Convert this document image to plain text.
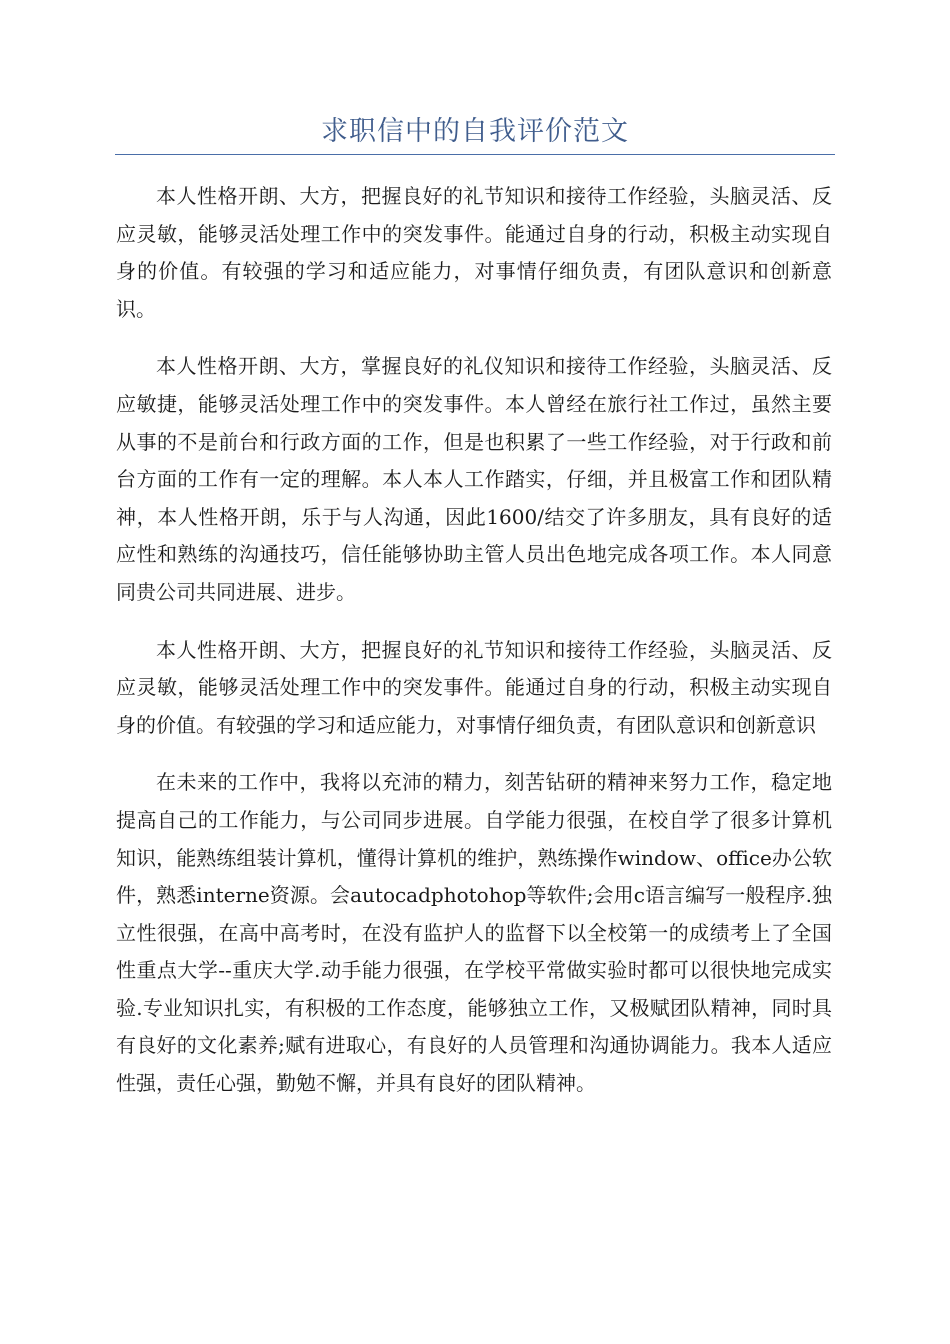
求职信中的自我评价范文

本人性格开朗、大方，把握良好的礼节知识和接待工作经验，头脑灵活、反应灵敏，能够灵活处理工作中的突发事件。能通过自身的行动，积极主动实现自身的价值。有较强的学习和适应能力，对事情仔细负责，有团队意识和创新意识。

本人性格开朗、大方，掌握良好的礼仪知识和接待工作经验，头脑灵活、反应敏捷，能够灵活处理工作中的突发事件。本人曾经在旅行社工作过，虽然主要从事的不是前台和行政方面的工作，但是也积累了一些工作经验，对于行政和前台方面的工作有一定的理解。本人本人工作踏实，仔细，并且极富工作和团队精神，本人性格开朗，乐于与人沟通，因此1600/结交了许多朋友，具有良好的适应性和熟练的沟通技巧，信任能够协助主管人员出色地完成各项工作。本人同意同贵公司共同进展、进步。

本人性格开朗、大方，把握良好的礼节知识和接待工作经验，头脑灵活、反应灵敏，能够灵活处理工作中的突发事件。能通过自身的行动，积极主动实现自身的价值。有较强的学习和适应能力，对事情仔细负责，有团队意识和创新意识

在未来的工作中，我将以充沛的精力，刻苦钻研的精神来努力工作，稳定地提高自己的工作能力，与公司同步进展。自学能力很强，在校自学了很多计算机知识，能熟练组装计算机，懂得计算机的维护，熟练操作window、office办公软件，熟悉interne资源。会autocadphotohop等软件;会用c语言编写一般程序.独立性很强，在高中高考时，在没有监护人的监督下以全校第一的成绩考上了全国性重点大学--重庆大学.动手能力很强，在学校平常做实验时都可以很快地完成实验.专业知识扎实，有积极的工作态度，能够独立工作，又极赋团队精神，同时具有良好的文化素养;赋有进取心，有良好的人员管理和沟通协调能力。我本人适应性强，责任心强，勤勉不懈，并具有良好的团队精神。
